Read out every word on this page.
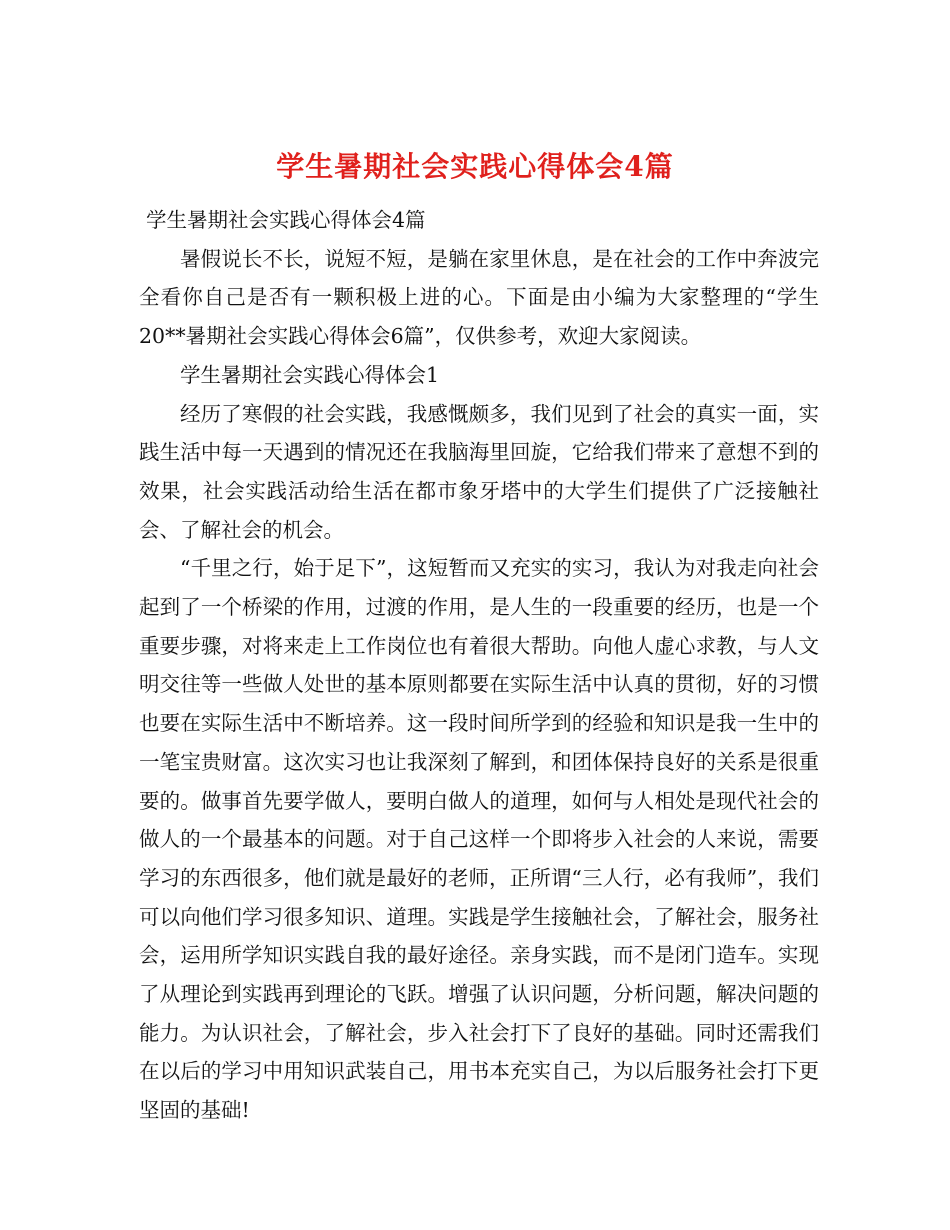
学生暑期社会实践心得体会4篇

学生暑期社会实践心得体会4篇

暑假说长不长，说短不短，是躺在家里休息，是在社会的工作中奔波完全看你自己是否有一颗积极上进的心。下面是由小编为大家整理的“学生20**暑期社会实践心得体会6篇”，仅供参考，欢迎大家阅读。

学生暑期社会实践心得体会1

经历了寒假的社会实践，我感慨颇多，我们见到了社会的真实一面，实践生活中每一天遇到的情况还在我脑海里回旋，它给我们带来了意想不到的效果，社会实践活动给生活在都市象牙塔中的大学生们提供了广泛接触社会、了解社会的机会。

“千里之行，始于足下”，这短暂而又充实的实习，我认为对我走向社会起到了一个桥梁的作用，过渡的作用，是人生的一段重要的经历，也是一个重要步骤，对将来走上工作岗位也有着很大帮助。向他人虚心求教，与人文明交往等一些做人处世的基本原则都要在实际生活中认真的贯彻，好的习惯也要在实际生活中不断培养。这一段时间所学到的经验和知识是我一生中的一笔宝贵财富。这次实习也让我深刻了解到，和团体保持良好的关系是很重要的。做事首先要学做人，要明白做人的道理，如何与人相处是现代社会的做人的一个最基本的问题。对于自己这样一个即将步入社会的人来说，需要学习的东西很多，他们就是最好的老师，正所谓“三人行，必有我师”，我们可以向他们学习很多知识、道理。实践是学生接触社会，了解社会，服务社会，运用所学知识实践自我的最好途径。亲身实践，而不是闭门造车。实现了从理论到实践再到理论的飞跃。增强了认识问题，分析问题，解决问题的能力。为认识社会，了解社会，步入社会打下了良好的基础。同时还需我们在以后的学习中用知识武装自己，用书本充实自己，为以后服务社会打下更坚固的基础!
